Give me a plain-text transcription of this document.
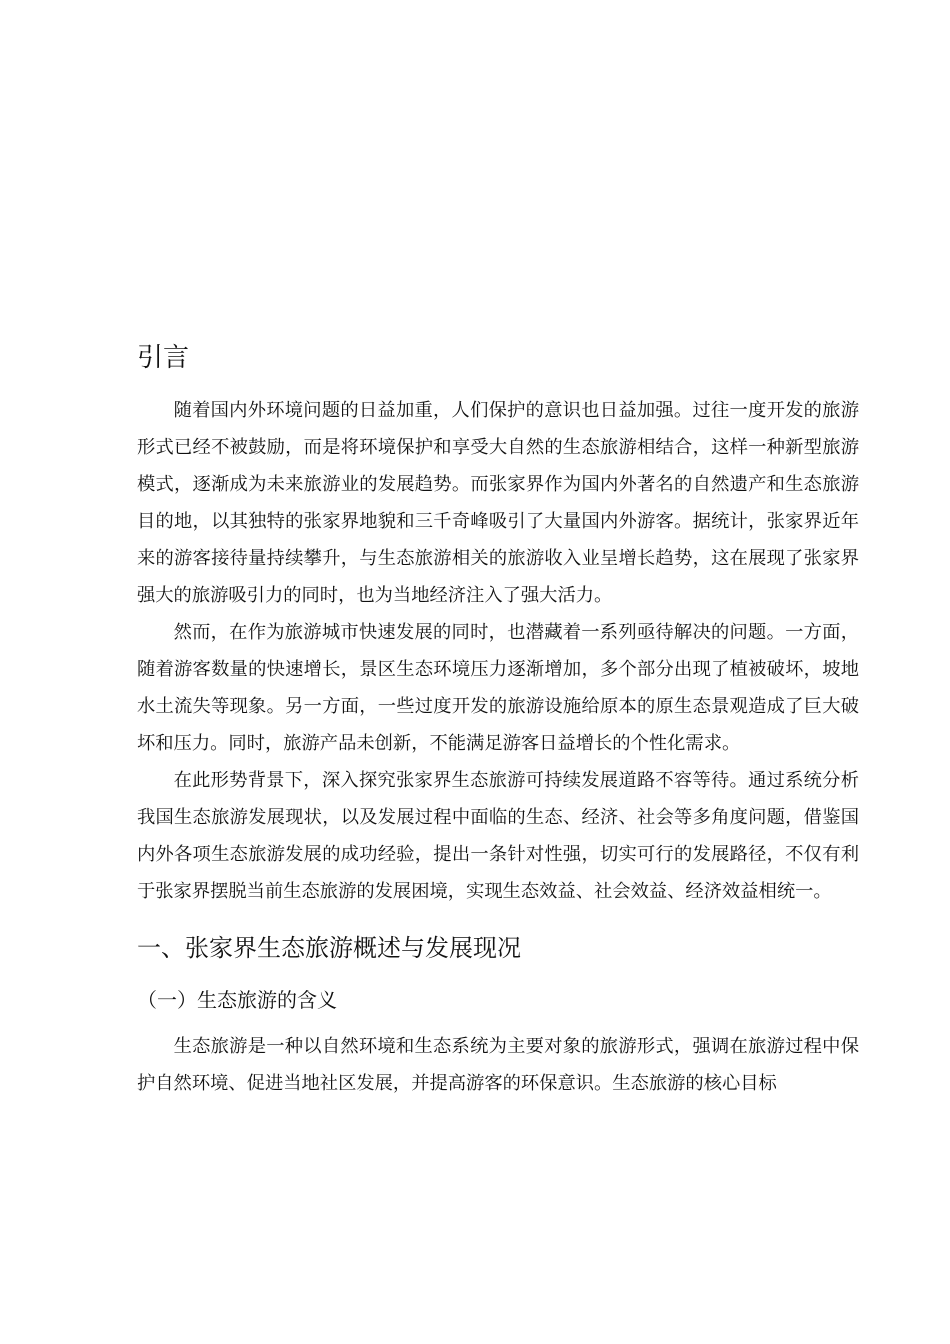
引言

随着国内外环境问题的日益加重，人们保护的意识也日益加强。过往一度开发的旅游形式已经不被鼓励，而是将环境保护和享受大自然的生态旅游相结合，这样一种新型旅游模式，逐渐成为未来旅游业的发展趋势。而张家界作为国内外著名的自然遗产和生态旅游目的地，以其独特的张家界地貌和三千奇峰吸引了大量国内外游客。据统计，张家界近年来的游客接待量持续攀升，与生态旅游相关的旅游收入业呈增长趋势，这在展现了张家界强大的旅游吸引力的同时，也为当地经济注入了强大活力。

然而，在作为旅游城市快速发展的同时，也潜藏着一系列亟待解决的问题。一方面，随着游客数量的快速增长，景区生态环境压力逐渐增加，多个部分出现了植被破坏，坡地水土流失等现象。另一方面，一些过度开发的旅游设施给原本的原生态景观造成了巨大破坏和压力。同时，旅游产品未创新，不能满足游客日益增长的个性化需求。

在此形势背景下，深入探究张家界生态旅游可持续发展道路不容等待。通过系统分析我国生态旅游发展现状，以及发展过程中面临的生态、经济、社会等多角度问题，借鉴国内外各项生态旅游发展的成功经验，提出一条针对性强，切实可行的发展路径，不仅有利于张家界摆脱当前生态旅游的发展困境，实现生态效益、社会效益、经济效益相统一。

一、张家界生态旅游概述与发展现况
（一）生态旅游的含义

生态旅游是一种以自然环境和生态系统为主要对象的旅游形式，强调在旅游过程中保护自然环境、促进当地社区发展，并提高游客的环保意识。生态旅游的核心目标
